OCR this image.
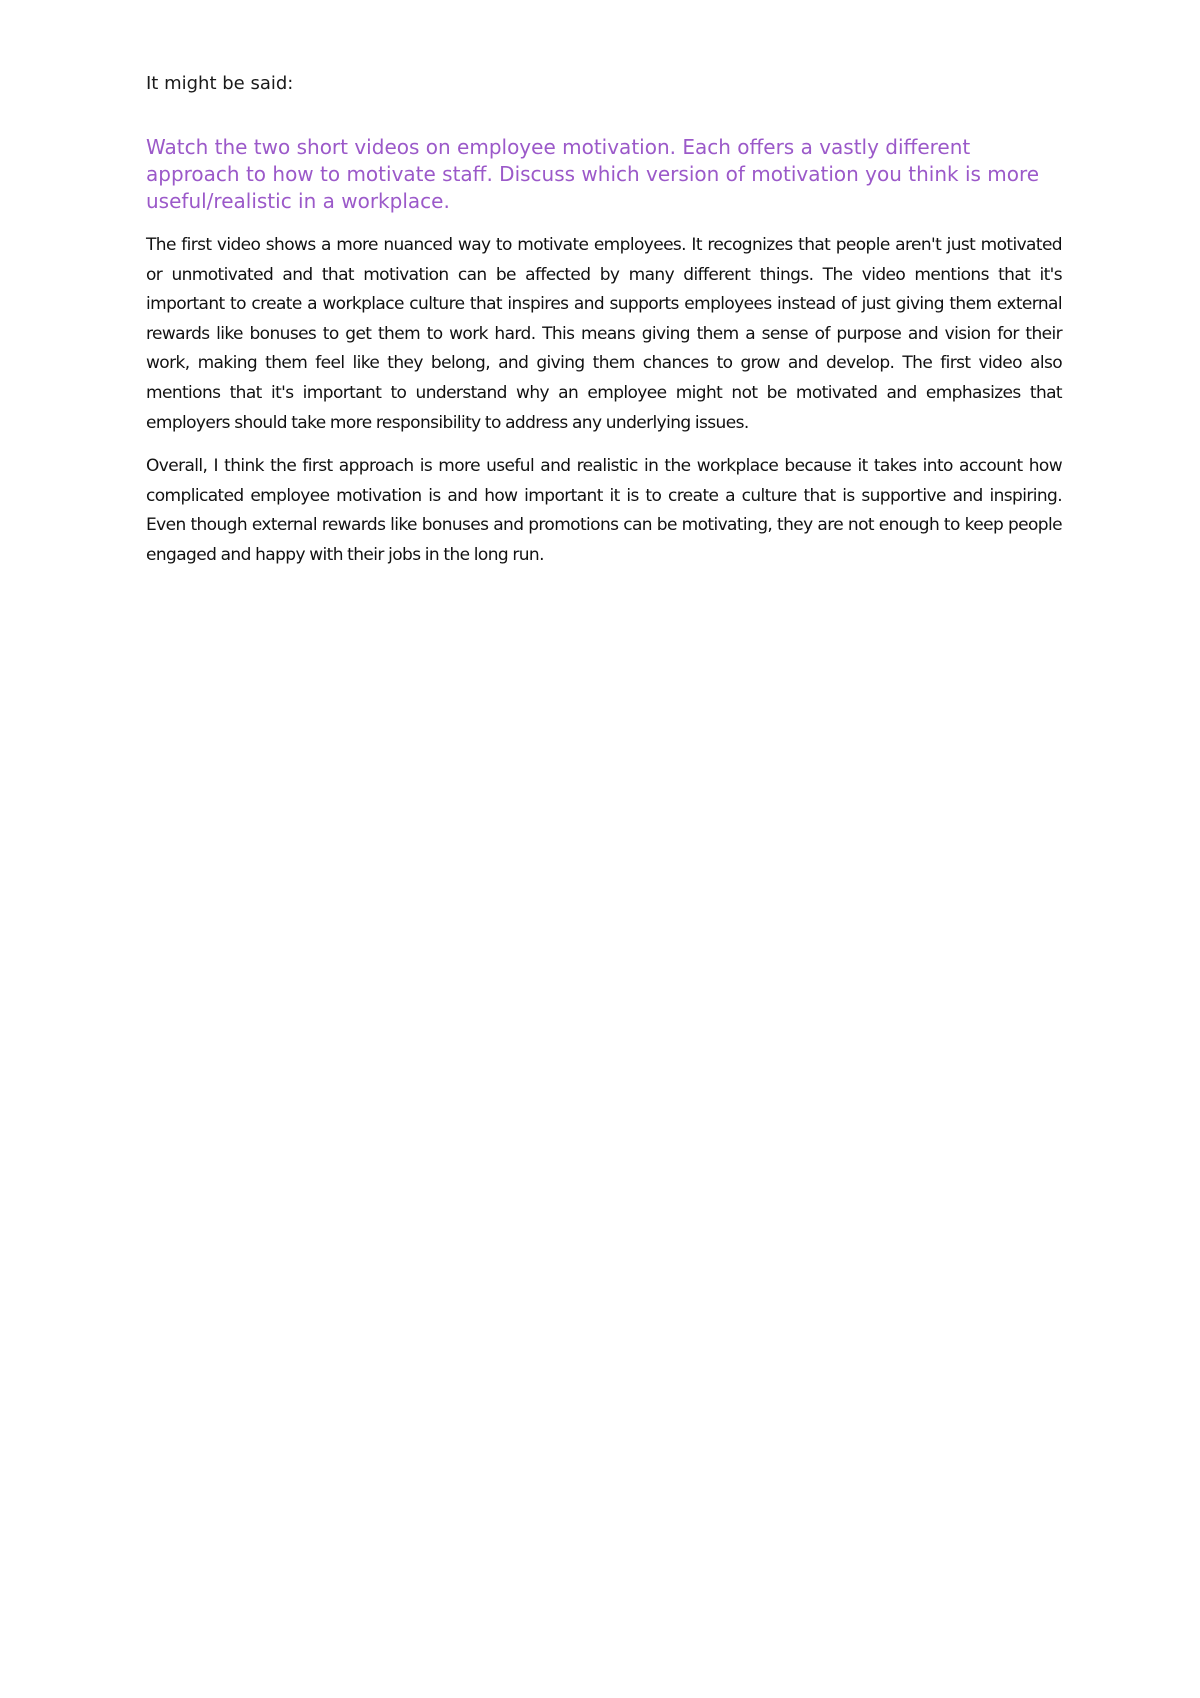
It might be said:

Watch the two short videos on employee motivation. Each offers a vastly different approach to how to motivate staff. Discuss which version of motivation you think is more useful/realistic in a workplace.

The first video shows a more nuanced way to motivate employees. It recognizes that people aren't just motivated or unmotivated and that motivation can be affected by many different things. The video mentions that it's important to create a workplace culture that inspires and supports employees instead of just giving them external rewards like bonuses to get them to work hard. This means giving them a sense of purpose and vision for their work, making them feel like they belong, and giving them chances to grow and develop. The first video also mentions that it's important to understand why an employee might not be motivated and emphasizes that employers should take more responsibility to address any underlying issues.

Overall, I think the first approach is more useful and realistic in the workplace because it takes into account how complicated employee motivation is and how important it is to create a culture that is supportive and inspiring. Even though external rewards like bonuses and promotions can be motivating, they are not enough to keep people engaged and happy with their jobs in the long run.
